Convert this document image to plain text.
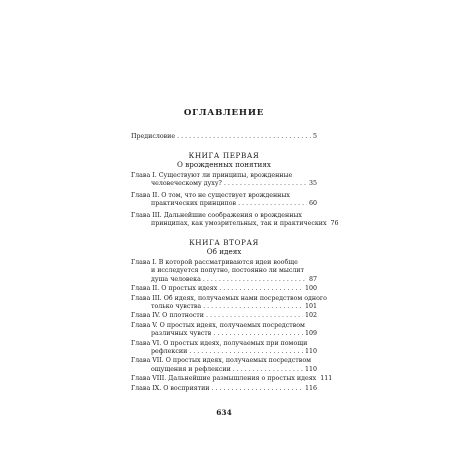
ОГЛАВЛЕНИЕ
Предисловие . . .	5
КНИГА ПЕРВАЯ
О врожденных понятиях
Глава I. Существуют ли принципы, врожденные
человеческому духу? . . .	35
Глава II. О том, что не существует врожденных
практических принципов . . .	60
Глава III. Дальнейшие соображения о врожденных
принципах, как умозрительных, так и практических 76
КНИГА ВТОРАЯ
Об идеях
Глава I. В которой рассматриваются идеи вообще
и исследуется попутно, постоянно ли мыслит
душа человека . . .	87
Глава II. О простых идеях . . .	100
Глава III. Об идеях, получаемых нами посредством одного
только чувства . . .	101
Глава IV. О плотности . . .	102
Глава V. О простых идеях, получаемых посредством
различных чувств . . .	109
Глава VI. О простых идеях, получаемых при помощи
рефлексии . . .	110
Глава VII. О простых идеях, получаемых посредством
ощущения и рефлексии . . .	110
Глава VIII. Дальнейшие размышления о простых идеях 111
Глава IX. О восприятии . . .	116
634
